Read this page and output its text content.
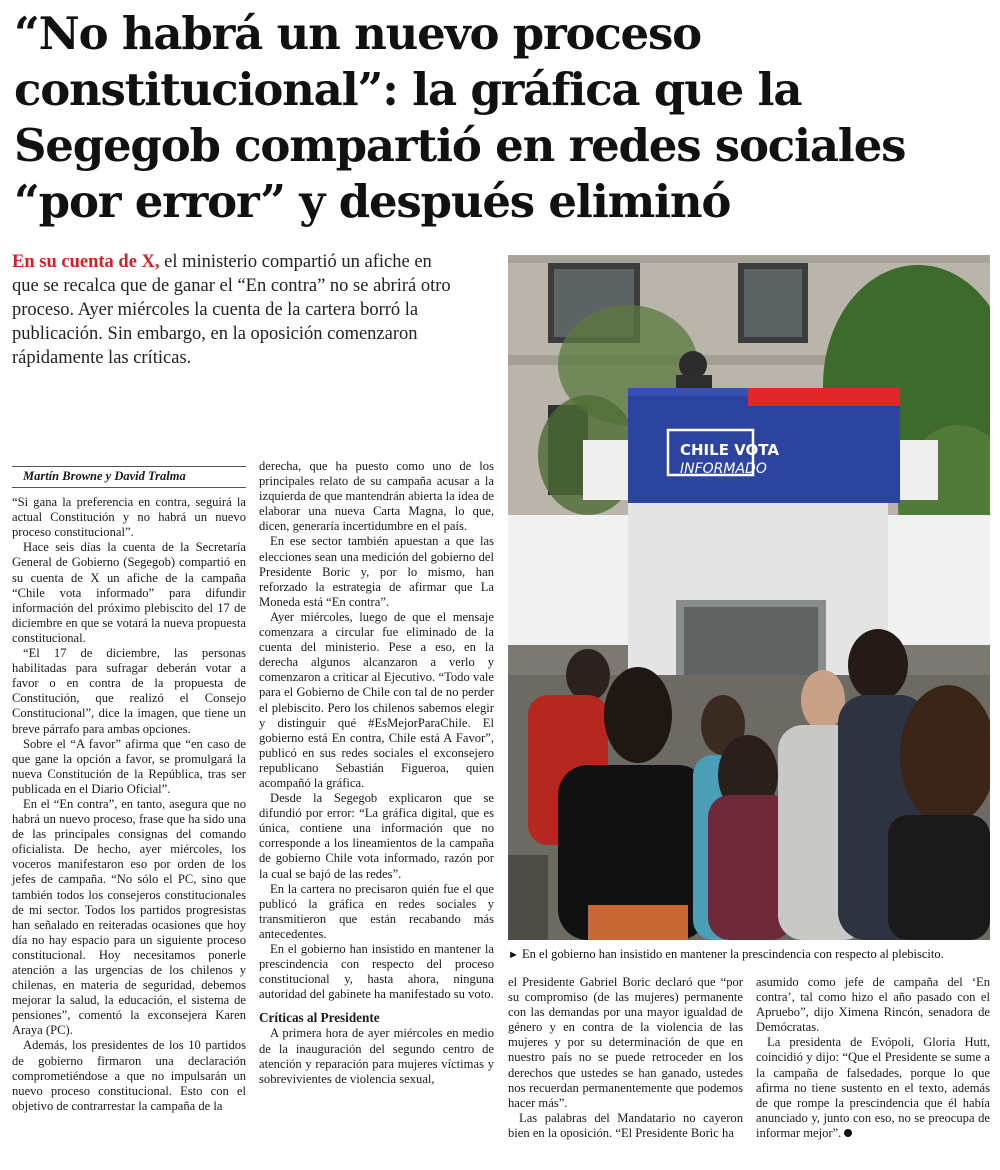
“No habrá un nuevo proceso constitucional”: la gráfica que la Segegob compartió en redes sociales “por error” y después eliminó
En su cuenta de X, el ministerio compartió un afiche en que se recalca que de ganar el “En contra” no se abrirá otro proceso. Ayer miércoles la cuenta de la cartera borró la publicación. Sin embargo, en la oposición comenzaron rápidamente las críticas.
CHILE VOTA
INFORMADO
► En el gobierno han insistido en mantener la prescindencia con respecto al plebiscito.

Martín Browne y David Tralma

“Si gana la preferencia en contra, seguirá la actual Constitución y no habrá un nuevo proceso constitucional”.

Hace seis días la cuenta de la Secretaría General de Gobierno (Segegob) compartió en su cuenta de X un afiche de la campaña “Chile vota informado” para difundir información del próximo plebiscito del 17 de diciembre en que se votará la nueva propuesta constitucional.

“El 17 de diciembre, las personas habilitadas para sufragar deberán votar a favor o en contra de la propuesta de Constitución, que realizó el Consejo Constitucional”, dice la imagen, que tiene un breve párrafo para ambas opciones.

Sobre el “A favor” afirma que “en caso de que gane la opción a favor, se promulgará la nueva Constitución de la República, tras ser publicada en el Diario Oficial”.

En el “En contra”, en tanto, asegura que no habrá un nuevo proceso, frase que ha sido una de las principales consignas del comando oficialista. De hecho, ayer miércoles, los voceros manifestaron eso por orden de los jefes de campaña. “No sólo el PC, sino que también todos los consejeros constitucionales de mi sector. Todos los partidos progresistas han señalado en reiteradas ocasiones que hoy día no hay espacio para un siguiente proceso constitucional. Hoy necesitamos ponerle atención a las urgencias de los chilenos y chilenas, en materia de seguridad, debemos mejorar la salud, la educación, el sistema de pensiones”, comentó la exconsejera Karen Araya (PC).

Además, los presidentes de los 10 partidos de gobierno firmaron una declaración comprometiéndose a que no impulsarán un nuevo proceso constitucional. Esto con el objetivo de contrarrestar la campaña de la

derecha, que ha puesto como uno de los principales relato de su campaña acusar a la izquierda de que mantendrán abierta la idea de elaborar una nueva Carta Magna, lo que, dicen, generaría incertidumbre en el país.

En ese sector también apuestan a que las elecciones sean una medición del gobierno del Presidente Boric y, por lo mismo, han reforzado la estrategia de afirmar que La Moneda está “En contra”.

Ayer miércoles, luego de que el mensaje comenzara a circular fue eliminado de la cuenta del ministerio. Pese a eso, en la derecha algunos alcanzaron a verlo y comenzaron a criticar al Ejecutivo. “Todo vale para el Gobierno de Chile con tal de no perder el plebiscito. Pero los chilenos sabemos elegir y distinguir qué #EsMejorParaChile. El gobierno está En contra, Chile está A Favor”, publicó en sus redes sociales el exconsejero republicano Sebastián Figueroa, quien acompañó la gráfica.

Desde la Segegob explicaron que se difundió por error: “La gráfica digital, que es única, contiene una información que no corresponde a los lineamientos de la campaña de gobierno Chile vota informado, razón por la cual se bajó de las redes”.

En la cartera no precisaron quién fue el que publicó la gráfica en redes sociales y transmitieron que están recabando más antecedentes.

En el gobierno han insistido en mantener la prescindencia con respecto del proceso constitucional y, hasta ahora, ninguna autoridad del gabinete ha manifestado su voto.

Críticas al Presidente

A primera hora de ayer miércoles en medio de la inauguración del segundo centro de atención y reparación para mujeres víctimas y sobrevivientes de violencia sexual,

el Presidente Gabriel Boric declaró que “por su compromiso (de las mujeres) permanente con las demandas por una mayor igualdad de género y en contra de la violencia de las mujeres y por su determinación de que en nuestro país no se puede retroceder en los derechos que ustedes se han ganado, ustedes nos recuerdan permanentemente que podemos hacer más”.

Las palabras del Mandatario no cayeron bien en la oposición. “El Presidente Boric ha

asumido como jefe de campaña del ‘En contra’, tal como hizo el año pasado con el Apruebo”, dijo Ximena Rincón, senadora de Demócratas.

La presidenta de Evópoli, Gloria Hutt, coincidió y dijo: “Que el Presidente se sume a la campaña de falsedades, porque lo que afirma no tiene sustento en el texto, además de que rompe la prescindencia que él había anunciado y, junto con eso, no se preocupa de informar mejor”.
